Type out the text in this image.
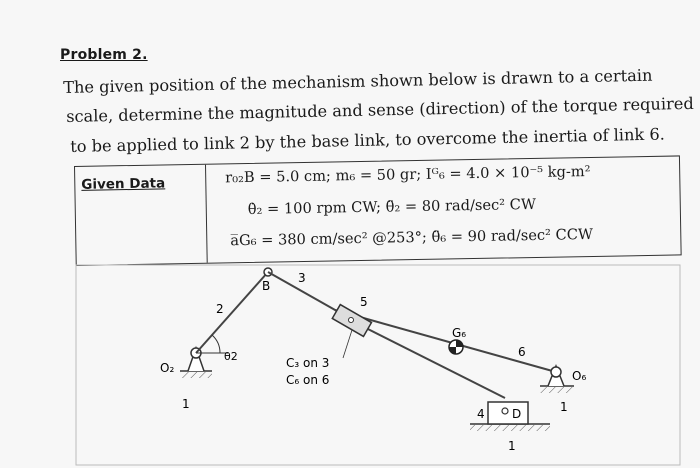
Problem 2.
The given position of the mechanism shown below is drawn to a certain
scale, determine the magnitude and sense (direction) of the torque required
to be applied to link 2 by the base link, to overcome the inertia of link 6.
Given Data	r₀₂B = 5.0 cm; m₆ = 50 gr; Iᴳ₆ = 4.0 × 10⁻⁵ kg-m²
θ̇₂ = 100 rpm CW; θ̈₂ = 80 rad/sec² CW
a̅G₆ = 380 cm/sec² @253°; θ̈₆ = 90 rad/sec² CCW
O₂
1
2
θ2
B
3
5
G₆
6
C₃ on 3
C₆ on 6	O₆
1
4 D
1
